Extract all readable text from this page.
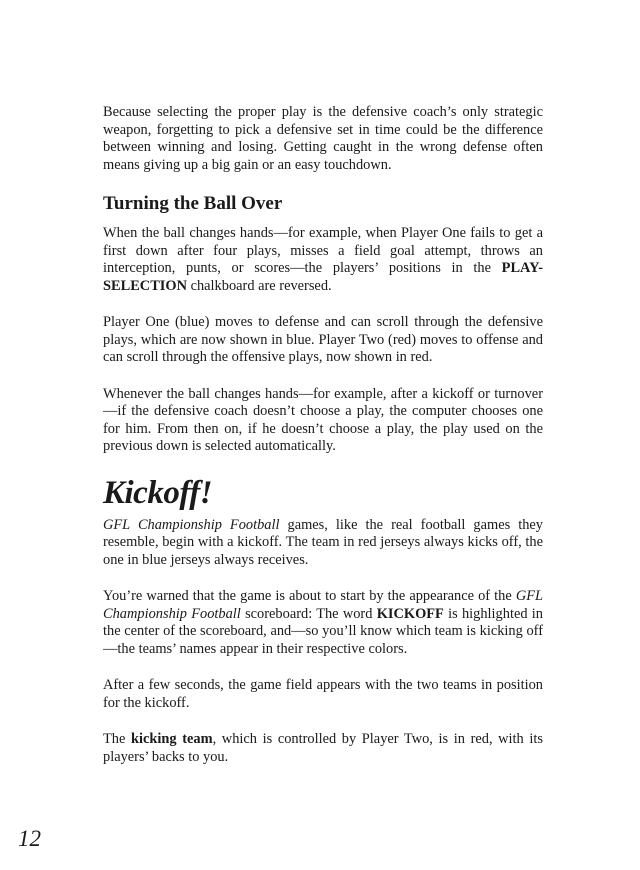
Because selecting the proper play is the defensive coach’s only strategic weapon, forgetting to pick a defensive set in time could be the difference between winning and losing. Getting caught in the wrong defense often means giving up a big gain or an easy touchdown.

Turning the Ball Over

When the ball changes hands—for example, when Player One fails to get a first down after four plays, misses a field goal attempt, throws an interception, punts, or scores—the players’ positions in the PLAY-SELECTION chalkboard are reversed.

Player One (blue) moves to defense and can scroll through the defensive plays, which are now shown in blue. Player Two (red) moves to offense and can scroll through the offensive plays, now shown in red.

Whenever the ball changes hands—for example, after a kickoff or turnover—if the defensive coach doesn’t choose a play, the computer chooses one for him. From then on, if he doesn’t choose a play, the play used on the previous down is selected automatically.

Kickoff!

GFL Championship Football games, like the real football games they resemble, begin with a kickoff. The team in red jerseys always kicks off, the one in blue jerseys always receives.

You’re warned that the game is about to start by the appearance of the GFL Championship Football scoreboard: The word KICKOFF is highlighted in the center of the scoreboard, and—so you’ll know which team is kicking off—the teams’ names appear in their respective colors.

After a few seconds, the game field appears with the two teams in position for the kickoff.

The kicking team, which is controlled by Player Two, is in red, with its players’ backs to you.

12
